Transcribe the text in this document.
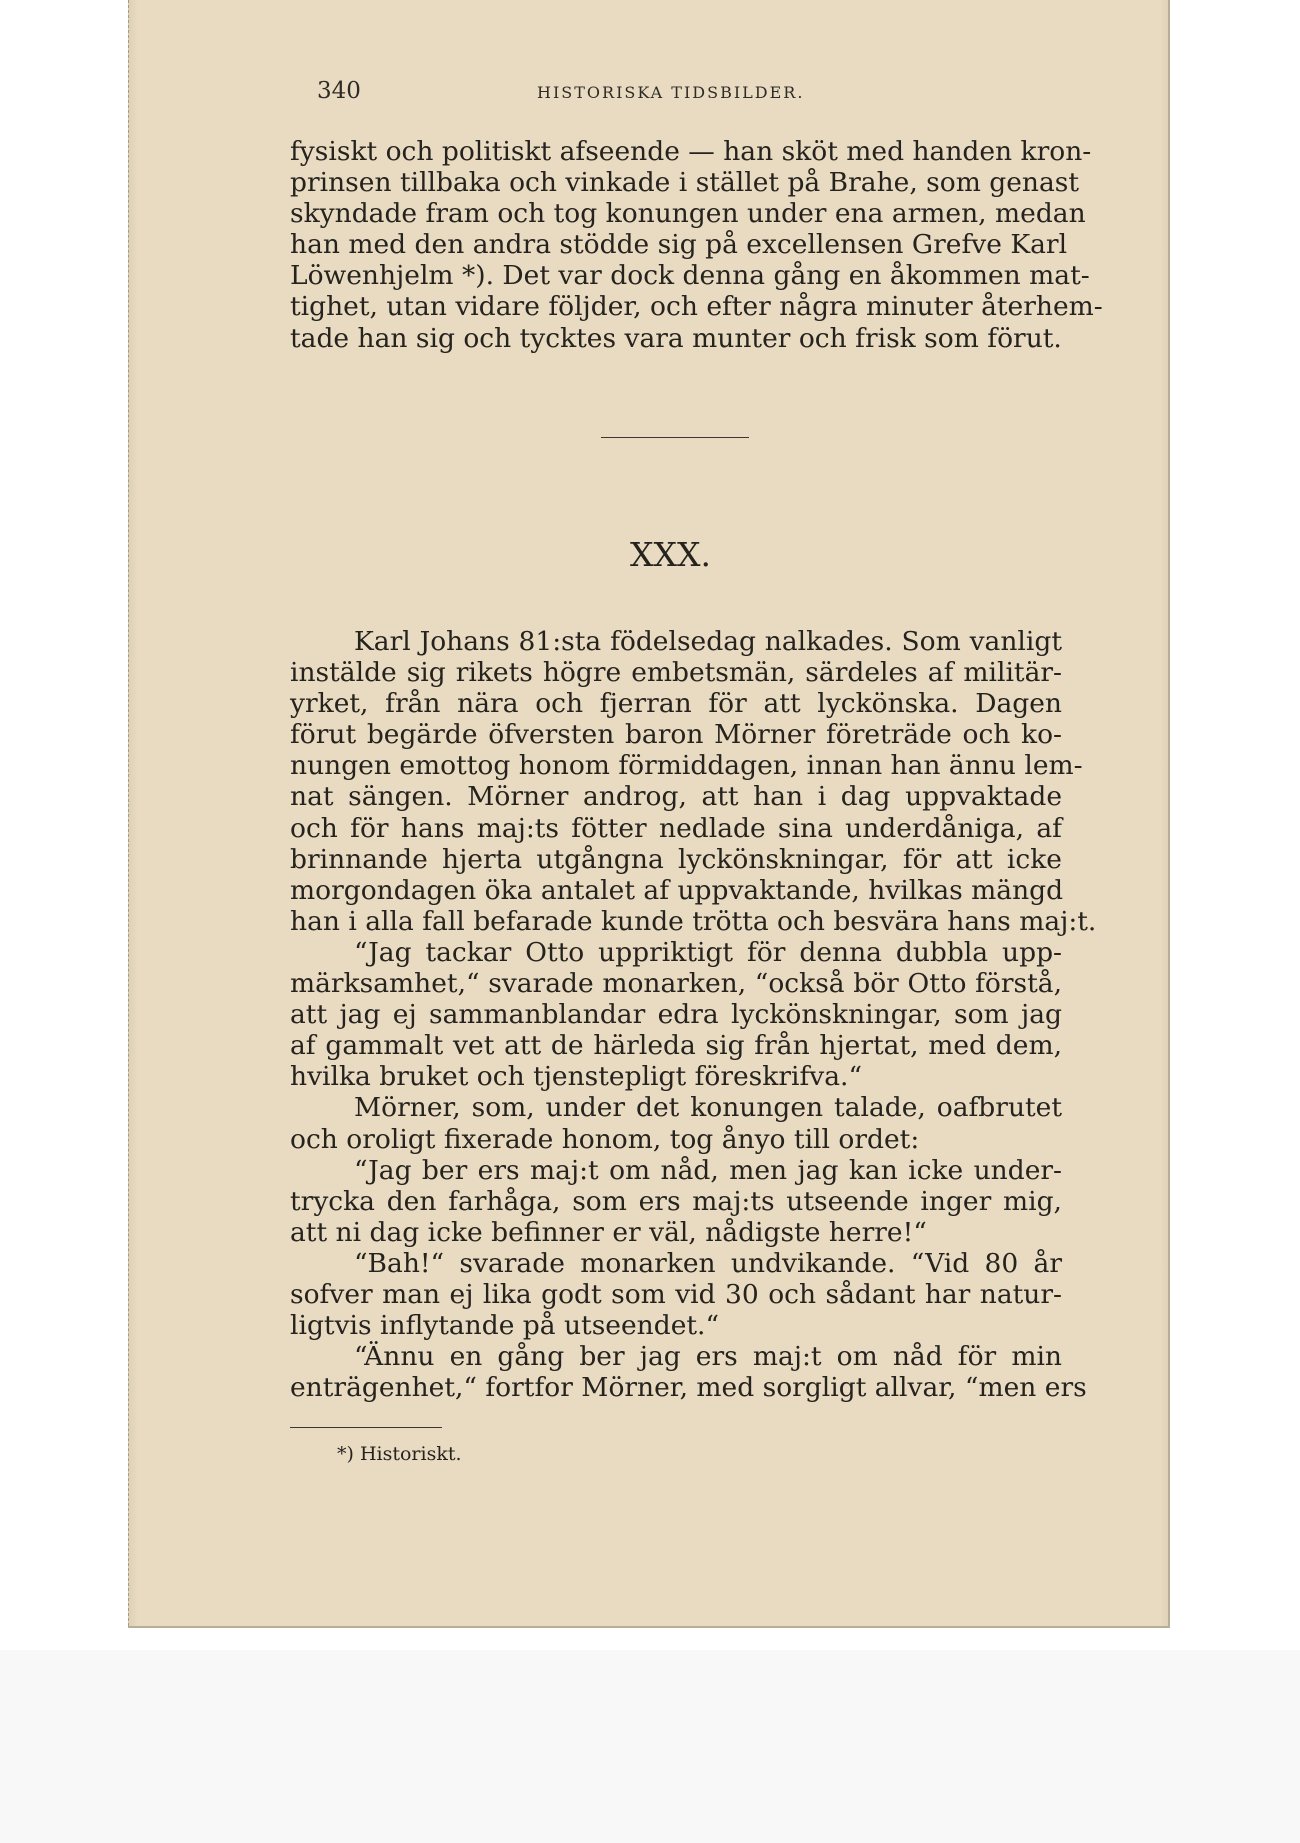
340	HISTORISKA TIDSBILDER.
fysiskt och politiskt afseende — han sköt med handen kron-
prinsen tillbaka och vinkade i stället på Brahe, som genast
skyndade fram och tog konungen under ena armen, medan
han med den andra stödde sig på excellensen Grefve Karl
Löwenhjelm *). Det var dock denna gång en åkommen mat-
tighet, utan vidare följder, och efter några minuter återhem-
tade han sig och tycktes vara munter och frisk som förut.
XXX.
Karl Johans 81:sta födelsedag nalkades. Som vanligt
instälde sig rikets högre embetsmän, särdeles af militär-
yrket, från nära och fjerran för att lyckönska. Dagen
förut begärde öfversten baron Mörner företräde och ko-
nungen emottog honom förmiddagen, innan han ännu lem-
nat sängen. Mörner androg, att han i dag uppvaktade
och för hans maj:ts fötter nedlade sina underdåniga, af
brinnande hjerta utgångna lyckönskningar, för att icke
morgondagen öka antalet af uppvaktande, hvilkas mängd
han i alla fall befarade kunde trötta och besvära hans maj:t.
“Jag tackar Otto uppriktigt för denna dubbla upp-
märksamhet,“ svarade monarken, “också bör Otto förstå,
att jag ej sammanblandar edra lyckönskningar, som jag
af gammalt vet att de härleda sig från hjertat, med dem,
hvilka bruket och tjenstepligt föreskrifva.“
Mörner, som, under det konungen talade, oafbrutet
och oroligt fixerade honom, tog ånyo till ordet:
“Jag ber ers maj:t om nåd, men jag kan icke under-
trycka den farhåga, som ers maj:ts utseende inger mig,
att ni dag icke befinner er väl, nådigste herre!“
“Bah!“ svarade monarken undvikande. “Vid 80 år
sofver man ej lika godt som vid 30 och sådant har natur-
ligtvis inflytande på utseendet.“
“Ännu en gång ber jag ers maj:t om nåd för min
enträgenhet,“ fortfor Mörner, med sorgligt allvar, “men ers
*) Historiskt.
